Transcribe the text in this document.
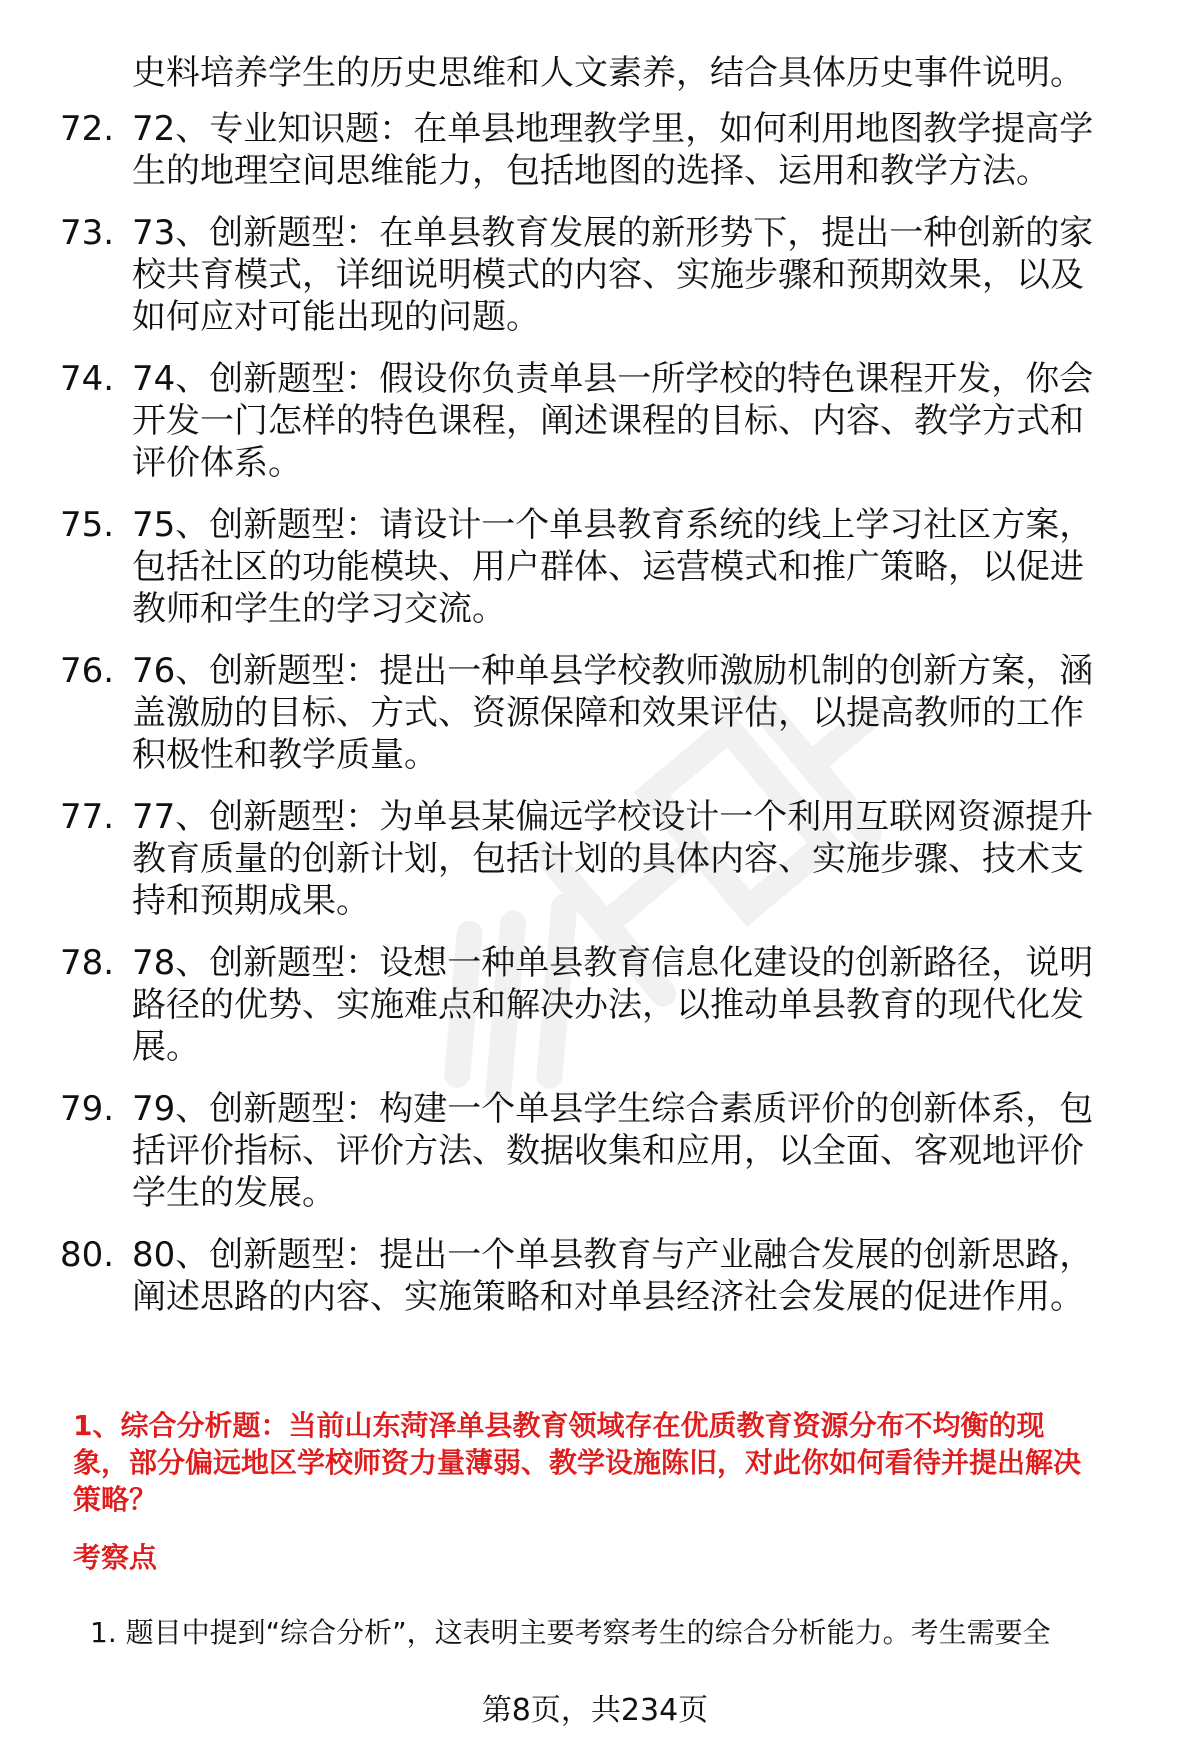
史料培养学生的历史思维和人文素养，结合具体历史事件说明。
72. 72、专业知识题：在单县地理教学里，如何利用地图教学提高学
生的地理空间思维能力，包括地图的选择、运用和教学方法。
73. 73、创新题型：在单县教育发展的新形势下，提出一种创新的家
校共育模式，详细说明模式的内容、实施步骤和预期效果，以及
如何应对可能出现的问题。
74. 74、创新题型：假设你负责单县一所学校的特色课程开发，你会
开发一门怎样的特色课程，阐述课程的目标、内容、教学方式和
评价体系。
75. 75、创新题型：请设计一个单县教育系统的线上学习社区方案，
包括社区的功能模块、用户群体、运营模式和推广策略，以促进
教师和学生的学习交流。
76. 76、创新题型：提出一种单县学校教师激励机制的创新方案，涵
盖激励的目标、方式、资源保障和效果评估，以提高教师的工作
积极性和教学质量。
77. 77、创新题型：为单县某偏远学校设计一个利用互联网资源提升
教育质量的创新计划，包括计划的具体内容、实施步骤、技术支
持和预期成果。
78. 78、创新题型：设想一种单县教育信息化建设的创新路径，说明
路径的优势、实施难点和解决办法，以推动单县教育的现代化发
展。
79. 79、创新题型：构建一个单县学生综合素质评价的创新体系，包
括评价指标、评价方法、数据收集和应用，以全面、客观地评价
学生的发展。
80. 80、创新题型：提出一个单县教育与产业融合发展的创新思路，
阐述思路的内容、实施策略和对单县经济社会发展的促进作用。
1、综合分析题：当前山东菏泽单县教育领域存在优质教育资源分布不均衡的现
象，部分偏远地区学校师资力量薄弱、教学设施陈旧，对此你如何看待并提出解决
策略？
考察点
1. 题目中提到“综合分析”，这表明主要考察考生的综合分析能力。考生需要全
第8页，共234页
